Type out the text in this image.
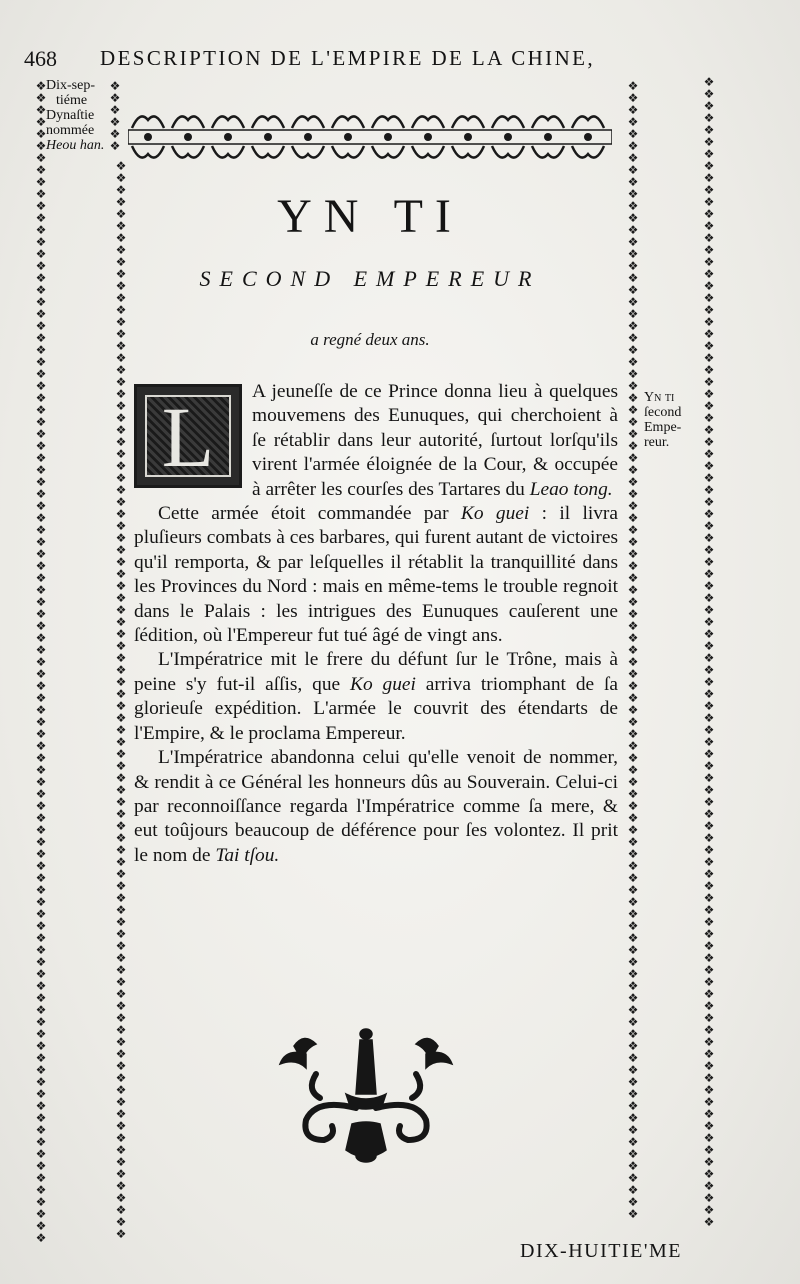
468 DESCRIPTION DE L'EMPIRE DE LA CHINE,
❖
❖
❖
❖
❖
❖
❖
❖
❖
❖
❖
❖
❖
❖
❖
❖
❖
❖
❖
❖
❖
❖
❖
❖
❖
❖
❖
❖
❖
❖
❖
❖
❖
❖
❖
❖
❖
❖
❖
❖
❖
❖
❖
❖
❖
❖
❖
❖
❖
❖
❖
❖
❖
❖
❖
❖
❖
❖
❖
❖
❖
❖
❖
❖
❖
❖
❖
❖
❖
❖
❖
❖
❖
❖
❖
❖
❖
❖
❖
❖
❖
❖
❖
❖
❖
❖
❖
❖
❖
❖
❖
❖
❖
❖
❖
❖
❖
❖
❖
❖
❖
❖
❖
❖
❖
❖
❖
❖
❖
❖
❖
❖
❖
❖
❖
❖
❖
❖
❖
❖
❖
❖
❖
❖
❖
❖
❖
❖
❖
❖
❖
❖
❖
❖
❖
❖
❖
❖
❖
❖
❖
❖
❖
❖
❖
❖
❖
❖
❖
❖
❖
❖
❖
❖
❖
❖
❖
❖
❖
❖
❖
❖
❖
❖
❖
❖
❖
❖
❖
❖
❖
❖
❖
❖
❖
❖
❖
❖
❖
❖
❖
❖
❖
❖
❖
❖
❖
❖
❖
❖
❖
❖
❖
❖
❖
❖
❖
❖
❖
❖
❖
❖
❖
❖
❖
❖
❖
❖
❖
❖
❖
❖
❖
❖
❖
❖
❖
❖
❖
❖
❖
❖
❖
❖
❖
❖
❖
❖
❖
❖
❖
❖
❖
❖
❖
❖
❖
❖
❖
❖
❖
❖
❖
❖
❖
❖
❖
❖
❖
❖
❖
❖
❖
❖
❖
❖
❖
❖
❖
❖
❖
❖
❖
❖
❖
❖
❖
❖
❖
❖
❖
❖
❖
❖
❖
❖
❖
❖
❖
❖
❖
❖
❖
❖
❖
❖
❖
❖
❖
❖
❖
❖
❖
❖
❖
❖
❖
❖
❖
❖
❖
❖
❖
❖
❖
❖
❖
❖
❖
❖
❖
❖
❖
❖
❖
❖
❖
❖
❖
❖
❖
❖
❖
❖
❖
❖
❖
❖
❖
❖
❖
❖
❖
❖
❖
❖
❖
❖
❖
❖
❖
❖
❖
❖
❖
❖
❖
❖
❖
❖
❖
❖
❖
❖
❖
❖
❖
❖
❖
❖
❖
❖
❖
❖
❖
❖
❖
❖
❖
❖
❖
❖
❖
❖
❖
❖
❖
❖
❖
❖
❖
❖
❖
❖
Dix-sep-
tiéme
Dynaſtie
nommée
Heou han.
Yn ti
ſecond
Empe-
reur.
YN TI
SECOND EMPEREUR
a regné deux ans.
L	A jeuneſſe de ce Prince donna lieu à quelques mouvemens des Eunuques, qui cherchoient à ſe rétablir dans leur autorité, ſurtout lorſqu'ils virent l'armée éloignée de la Cour, & occupée à arrêter les courſes des Tartares du Leao tong.

Cette armée étoit commandée par Ko guei : il livra pluſieurs combats à ces barbares, qui furent autant de victoires qu'il remporta, & par leſquelles il rétablit la tranquillité dans les Provinces du Nord : mais en même-tems le trouble regnoit dans le Palais : les intrigues des Eunuques cauſerent une ſédition, où l'Empereur fut tué âgé de vingt ans.

L'Impératrice mit le frere du défunt ſur le Trône, mais à peine s'y fut-il aſſis, que Ko guei arriva triomphant de ſa glorieuſe expédition. L'armée le couvrit des étendarts de l'Empire, & le proclama Empereur.

L'Impératrice abandonna celui qu'elle venoit de nommer, & rendit à ce Général les honneurs dûs au Souverain. Celui-ci par reconnoiſſance regarda l'Impératrice comme ſa mere, & eut toûjours beaucoup de déférence pour ſes volontez. Il prit le nom de Tai tſou.

DIX-HUITIE'ME
